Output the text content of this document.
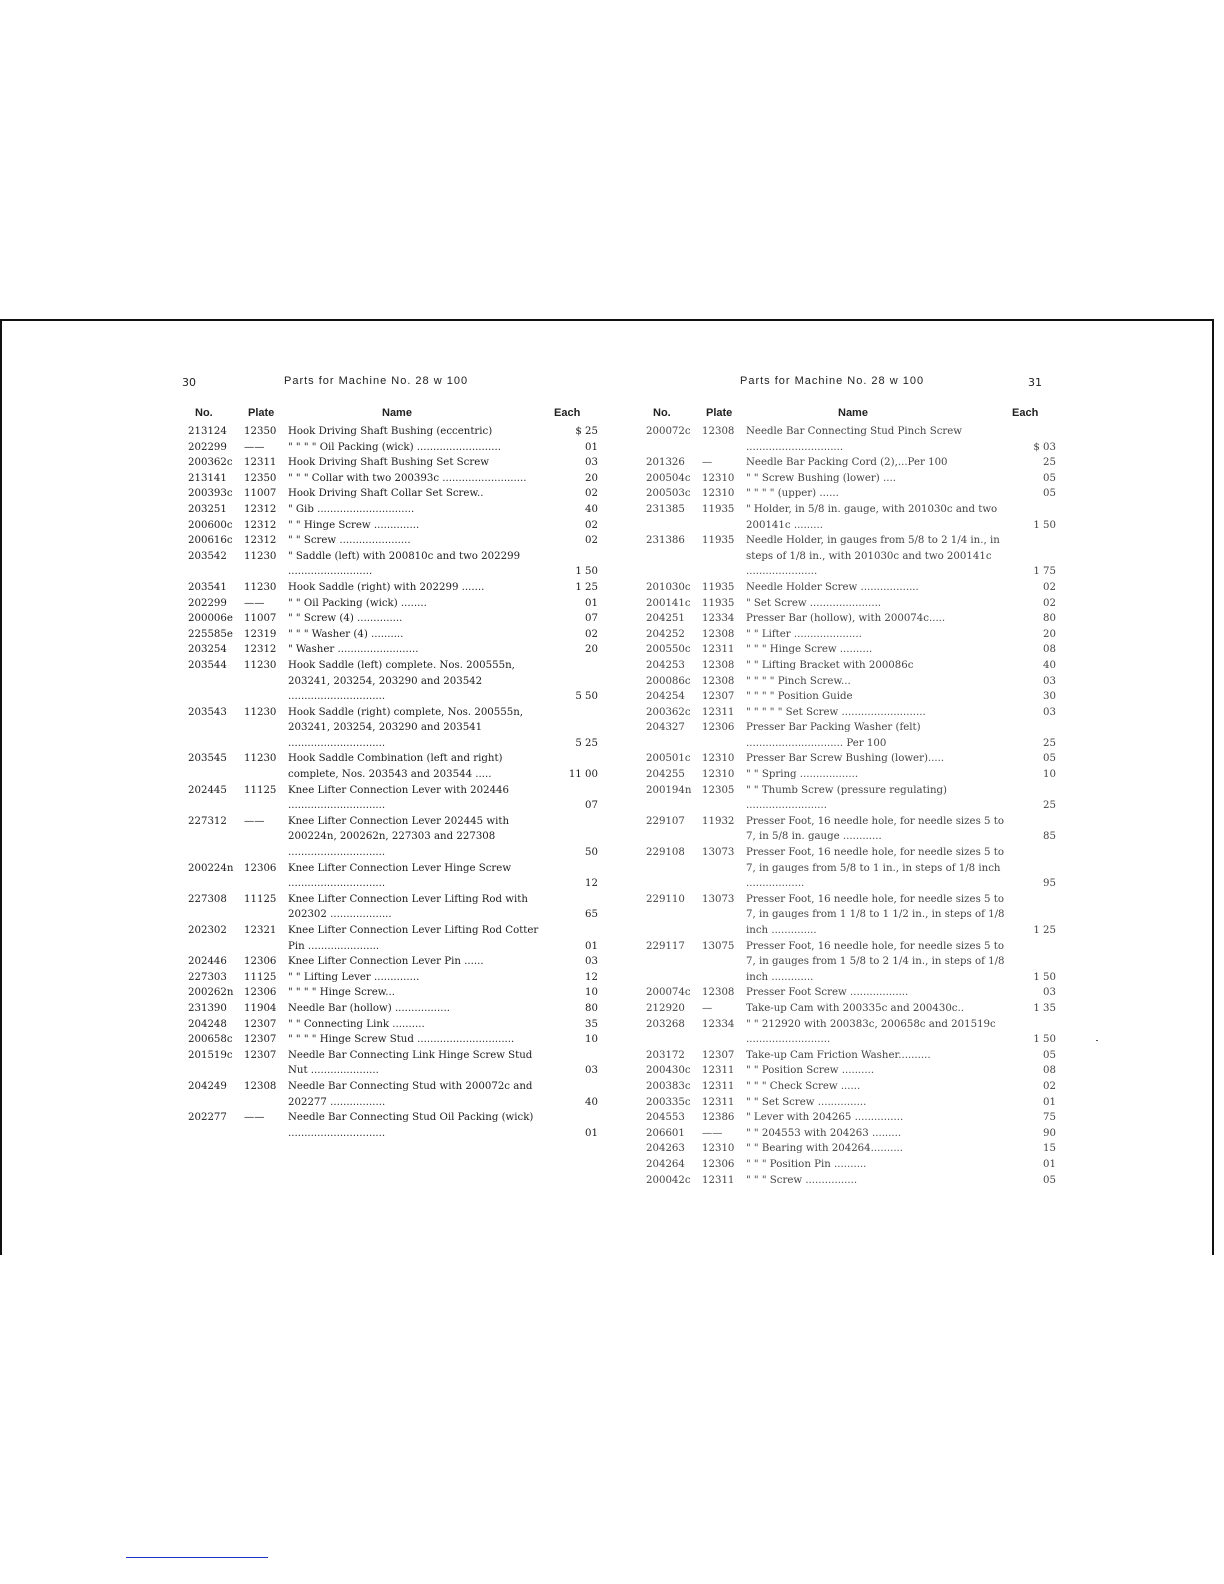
30	Parts for Machine No. 28 w 100
No.	Plate	Name	Each
213124	12350	Hook Driving Shaft Bushing (eccentric)	$ 25
202299	——	" " " " Oil Packing (wick) ..........................	01
200362c	12311	Hook Driving Shaft Bushing Set Screw	03
213141	12350	" " " Collar with two 200393c ..........................	20
200393c	11007	Hook Driving Shaft Collar Set Screw..	02
203251	12312	" Gib ..............................	40
200600c	12312	" " Hinge Screw ..............	02
200616c	12312	" " Screw ......................	02
203542	11230	" Saddle (left) with 200810c and two 202299 ..........................	1 50
203541	11230	Hook Saddle (right) with 202299 .......	1 25
202299	——	" " Oil Packing (wick) ........	01
200006e	11007	" " Screw (4) ..............	07
225585e	12319	" " " Washer (4) ..........	02
203254	12312	" Washer .........................	20
203544	11230	Hook Saddle (left) complete. Nos. 200555n, 203241, 203254, 203290 and 203542 ..............................	5 50
203543	11230	Hook Saddle (right) complete, Nos. 200555n, 203241, 203254, 203290 and 203541 ..............................	5 25
203545	11230	Hook Saddle Combination (left and right) complete, Nos. 203543 and 203544 .....	11 00
202445	11125	Knee Lifter Connection Lever with 202446 ..............................	07
227312	——	Knee Lifter Connection Lever 202445 with 200224n, 200262n, 227303 and 227308 ..............................	50
200224n	12306	Knee Lifter Connection Lever Hinge Screw ..............................	12
227308	11125	Knee Lifter Connection Lever Lifting Rod with 202302 ...................	65
202302	12321	Knee Lifter Connection Lever Lifting Rod Cotter Pin ......................	01
202446	12306	Knee Lifter Connection Lever Pin ......	03
227303	11125	" " Lifting Lever ..............	12
200262n	12306	" " " " Hinge Screw...	10
231390	11904	Needle Bar (hollow) .................	80
204248	12307	" " Connecting Link ..........	35
200658c	12307	" " " " Hinge Screw Stud ..............................	10
201519c	12307	Needle Bar Connecting Link Hinge Screw Stud Nut .....................	03
204249	12308	Needle Bar Connecting Stud with 200072c and 202277 .................	40
202277	——	Needle Bar Connecting Stud Oil Packing (wick) ..............................	01
Parts for Machine No. 28 w 100	31
No.	Plate	Name	Each
200072c	12308	Needle Bar Connecting Stud Pinch Screw ..............................	$ 03
201326	—	Needle Bar Packing Cord (2),...Per 100	25
200504c	12310	" " Screw Bushing (lower) ....	05
200503c	12310	" " " " (upper) ......	05
231385	11935	" Holder, in 5/8 in. gauge, with 201030c and two 200141c .........	1 50
231386	11935	Needle Holder, in gauges from 5/8 to 2 1/4 in., in steps of 1/8 in., with 201030c and two 200141c ......................	1 75
201030c	11935	Needle Holder Screw ..................	02
200141c	11935	" Set Screw ......................	02
204251	12334	Presser Bar (hollow), with 200074c.....	80
204252	12308	" " Lifter .....................	20
200550c	12311	" " " Hinge Screw ..........	08
204253	12308	" " Lifting Bracket with 200086c	40
200086c	12308	" " " " Pinch Screw...	03
204254	12307	" " " " Position Guide	30
200362c	12311	" " " " " Set Screw ..........................	03
204327	12306	Presser Bar Packing Washer (felt) .............................. Per 100	25
200501c	12310	Presser Bar Screw Bushing (lower).....	05
204255	12310	" " Spring ..................	10
200194n	12305	" " Thumb Screw (pressure regulating) .........................	25
229107	11932	Presser Foot, 16 needle hole, for needle sizes 5 to 7, in 5/8 in. gauge ............	85
229108	13073	Presser Foot, 16 needle hole, for needle sizes 5 to 7, in gauges from 5/8 to 1 in., in steps of 1/8 inch ..................	95
229110	13073	Presser Foot, 16 needle hole, for needle sizes 5 to 7, in gauges from 1 1/8 to 1 1/2 in., in steps of 1/8 inch ..............	1 25
229117	13075	Presser Foot, 16 needle hole, for needle sizes 5 to 7, in gauges from 1 5/8 to 2 1/4 in., in steps of 1/8 inch .............	1 50
200074c	12308	Presser Foot Screw ..................	03
212920	—	Take-up Cam with 200335c and 200430c..	1 35
203268	12334	" " 212920 with 200383c, 200658c and 201519c ..........................	1 50
203172	12307	Take-up Cam Friction Washer..........	05
200430c	12311	" " Position Screw ..........	08
200383c	12311	" " " Check Screw ......	02
200335c	12311	" " Set Screw ...............	01
204553	12386	" Lever with 204265 ...............	75
206601	——	" " 204553 with 204263 .........	90
204263	12310	" " Bearing with 204264..........	15
204264	12306	" " " Position Pin ..........	01
200042c	12311	" " " Screw ................	05
